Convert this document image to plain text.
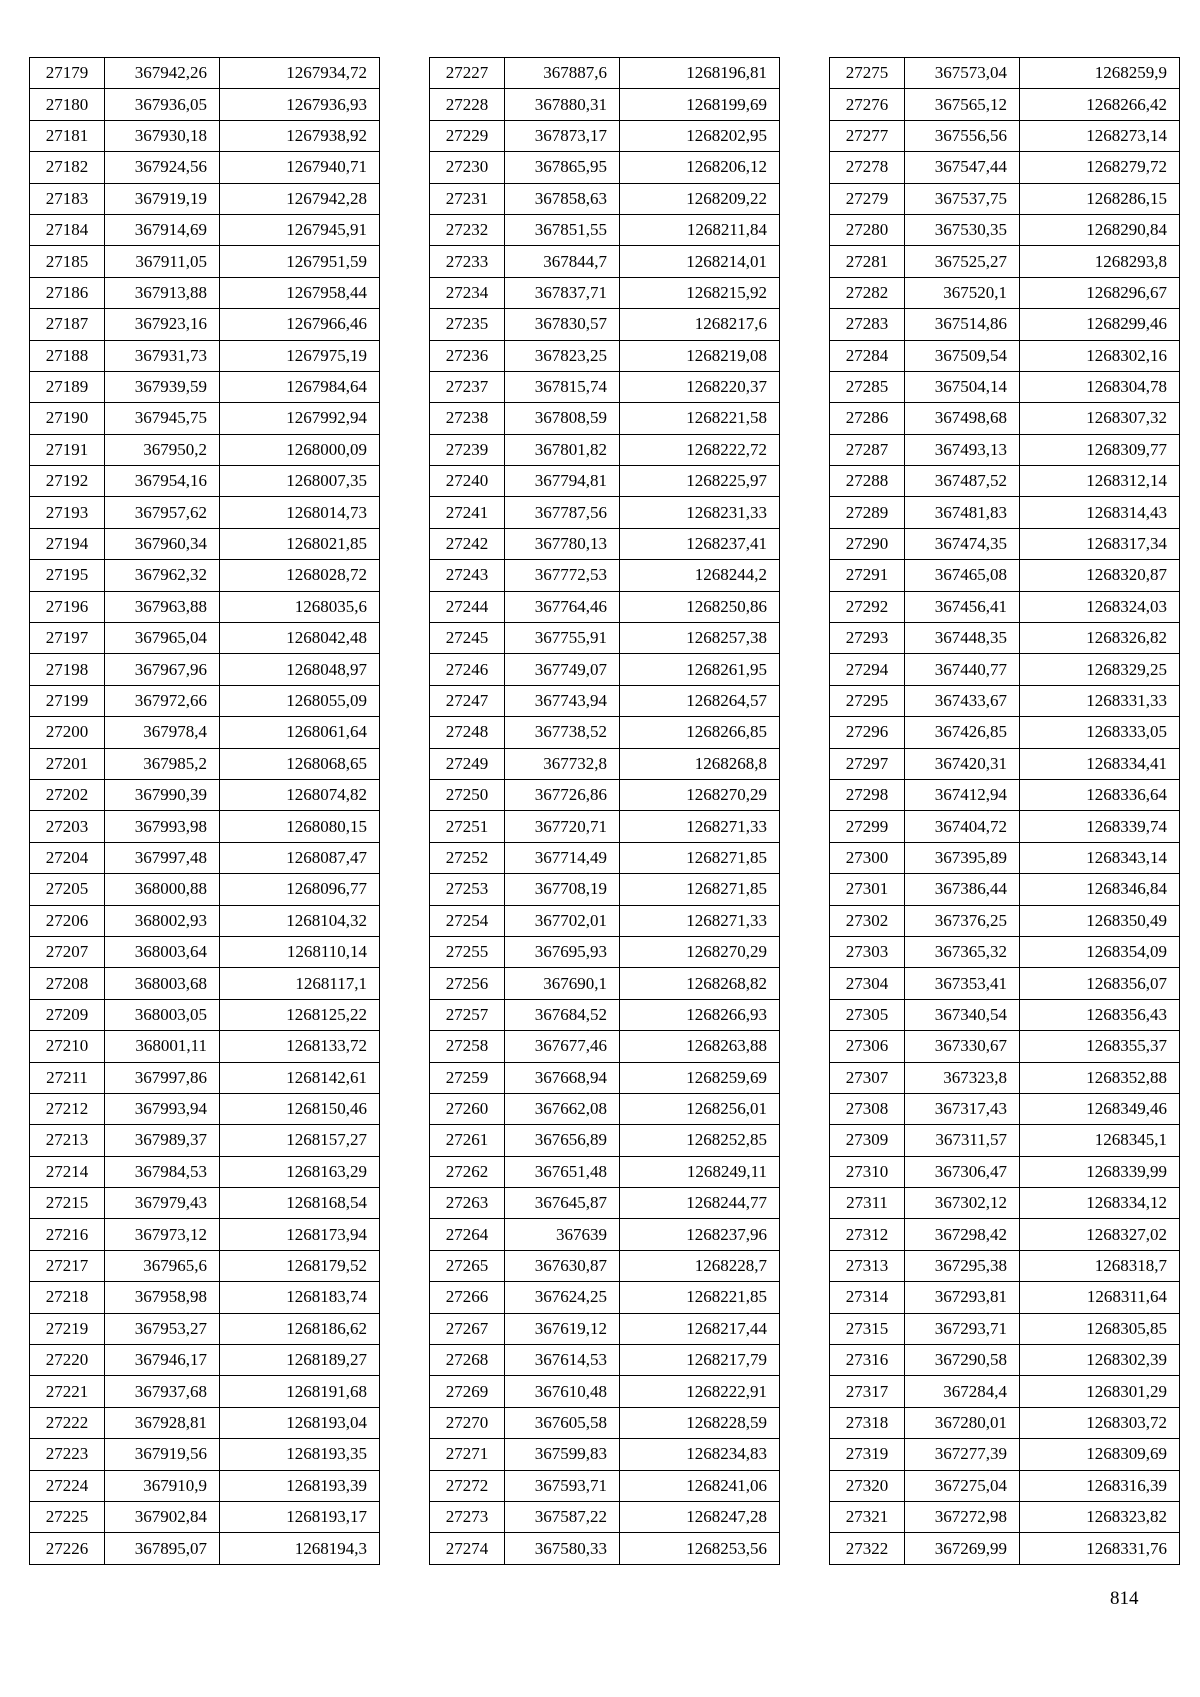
27179	367942,26	1267934,72
27180	367936,05	1267936,93
27181	367930,18	1267938,92
27182	367924,56	1267940,71
27183	367919,19	1267942,28
27184	367914,69	1267945,91
27185	367911,05	1267951,59
27186	367913,88	1267958,44
27187	367923,16	1267966,46
27188	367931,73	1267975,19
27189	367939,59	1267984,64
27190	367945,75	1267992,94
27191	367950,2	1268000,09
27192	367954,16	1268007,35
27193	367957,62	1268014,73
27194	367960,34	1268021,85
27195	367962,32	1268028,72
27196	367963,88	1268035,6
27197	367965,04	1268042,48
27198	367967,96	1268048,97
27199	367972,66	1268055,09
27200	367978,4	1268061,64
27201	367985,2	1268068,65
27202	367990,39	1268074,82
27203	367993,98	1268080,15
27204	367997,48	1268087,47
27205	368000,88	1268096,77
27206	368002,93	1268104,32
27207	368003,64	1268110,14
27208	368003,68	1268117,1
27209	368003,05	1268125,22
27210	368001,11	1268133,72
27211	367997,86	1268142,61
27212	367993,94	1268150,46
27213	367989,37	1268157,27
27214	367984,53	1268163,29
27215	367979,43	1268168,54
27216	367973,12	1268173,94
27217	367965,6	1268179,52
27218	367958,98	1268183,74
27219	367953,27	1268186,62
27220	367946,17	1268189,27
27221	367937,68	1268191,68
27222	367928,81	1268193,04
27223	367919,56	1268193,35
27224	367910,9	1268193,39
27225	367902,84	1268193,17
27226	367895,07	1268194,3
27227	367887,6	1268196,81
27228	367880,31	1268199,69
27229	367873,17	1268202,95
27230	367865,95	1268206,12
27231	367858,63	1268209,22
27232	367851,55	1268211,84
27233	367844,7	1268214,01
27234	367837,71	1268215,92
27235	367830,57	1268217,6
27236	367823,25	1268219,08
27237	367815,74	1268220,37
27238	367808,59	1268221,58
27239	367801,82	1268222,72
27240	367794,81	1268225,97
27241	367787,56	1268231,33
27242	367780,13	1268237,41
27243	367772,53	1268244,2
27244	367764,46	1268250,86
27245	367755,91	1268257,38
27246	367749,07	1268261,95
27247	367743,94	1268264,57
27248	367738,52	1268266,85
27249	367732,8	1268268,8
27250	367726,86	1268270,29
27251	367720,71	1268271,33
27252	367714,49	1268271,85
27253	367708,19	1268271,85
27254	367702,01	1268271,33
27255	367695,93	1268270,29
27256	367690,1	1268268,82
27257	367684,52	1268266,93
27258	367677,46	1268263,88
27259	367668,94	1268259,69
27260	367662,08	1268256,01
27261	367656,89	1268252,85
27262	367651,48	1268249,11
27263	367645,87	1268244,77
27264	367639	1268237,96
27265	367630,87	1268228,7
27266	367624,25	1268221,85
27267	367619,12	1268217,44
27268	367614,53	1268217,79
27269	367610,48	1268222,91
27270	367605,58	1268228,59
27271	367599,83	1268234,83
27272	367593,71	1268241,06
27273	367587,22	1268247,28
27274	367580,33	1268253,56
27275	367573,04	1268259,9
27276	367565,12	1268266,42
27277	367556,56	1268273,14
27278	367547,44	1268279,72
27279	367537,75	1268286,15
27280	367530,35	1268290,84
27281	367525,27	1268293,8
27282	367520,1	1268296,67
27283	367514,86	1268299,46
27284	367509,54	1268302,16
27285	367504,14	1268304,78
27286	367498,68	1268307,32
27287	367493,13	1268309,77
27288	367487,52	1268312,14
27289	367481,83	1268314,43
27290	367474,35	1268317,34
27291	367465,08	1268320,87
27292	367456,41	1268324,03
27293	367448,35	1268326,82
27294	367440,77	1268329,25
27295	367433,67	1268331,33
27296	367426,85	1268333,05
27297	367420,31	1268334,41
27298	367412,94	1268336,64
27299	367404,72	1268339,74
27300	367395,89	1268343,14
27301	367386,44	1268346,84
27302	367376,25	1268350,49
27303	367365,32	1268354,09
27304	367353,41	1268356,07
27305	367340,54	1268356,43
27306	367330,67	1268355,37
27307	367323,8	1268352,88
27308	367317,43	1268349,46
27309	367311,57	1268345,1
27310	367306,47	1268339,99
27311	367302,12	1268334,12
27312	367298,42	1268327,02
27313	367295,38	1268318,7
27314	367293,81	1268311,64
27315	367293,71	1268305,85
27316	367290,58	1268302,39
27317	367284,4	1268301,29
27318	367280,01	1268303,72
27319	367277,39	1268309,69
27320	367275,04	1268316,39
27321	367272,98	1268323,82
27322	367269,99	1268331,76
814
